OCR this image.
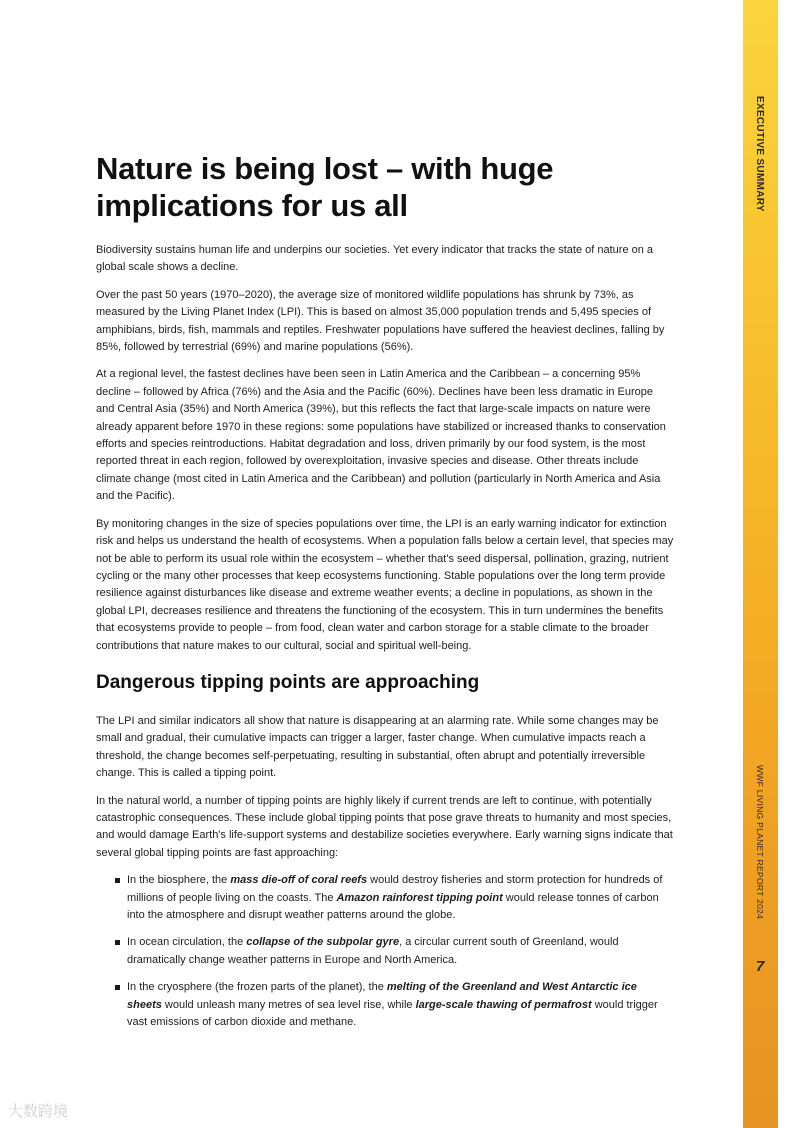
EXECUTIVE SUMMARY
WWF LIVING PLANET REPORT 2024
7
Nature is being lost – with huge implications for us all

Biodiversity sustains human life and underpins our societies. Yet every indicator that tracks the state of nature on a global scale shows a decline.

Over the past 50 years (1970–2020), the average size of monitored wildlife populations has shrunk by 73%, as measured by the Living Planet Index (LPI). This is based on almost 35,000 population trends and 5,495 species of amphibians, birds, fish, mammals and reptiles. Freshwater populations have suffered the heaviest declines, falling by 85%, followed by terrestrial (69%) and marine populations (56%).

At a regional level, the fastest declines have been seen in Latin America and the Caribbean – a concerning 95% decline – followed by Africa (76%) and the Asia and the Pacific (60%). Declines have been less dramatic in Europe and Central Asia (35%) and North America (39%), but this reflects the fact that large-scale impacts on nature were already apparent before 1970 in these regions: some populations have stabilized or increased thanks to conservation efforts and species reintroductions. Habitat degradation and loss, driven primarily by our food system, is the most reported threat in each region, followed by overexploitation, invasive species and disease. Other threats include climate change (most cited in Latin America and the Caribbean) and pollution (particularly in North America and Asia and the Pacific).

By monitoring changes in the size of species populations over time, the LPI is an early warning indicator for extinction risk and helps us understand the health of ecosystems. When a population falls below a certain level, that species may not be able to perform its usual role within the ecosystem – whether that's seed dispersal, pollination, grazing, nutrient cycling or the many other processes that keep ecosystems functioning. Stable populations over the long term provide resilience against disturbances like disease and extreme weather events; a decline in populations, as shown in the global LPI, decreases resilience and threatens the functioning of the ecosystem. This in turn undermines the benefits that ecosystems provide to people – from food, clean water and carbon storage for a stable climate to the broader contributions that nature makes to our cultural, social and spiritual well-being.

Dangerous tipping points are approaching

The LPI and similar indicators all show that nature is disappearing at an alarming rate. While some changes may be small and gradual, their cumulative impacts can trigger a larger, faster change. When cumulative impacts reach a threshold, the change becomes self-perpetuating, resulting in substantial, often abrupt and potentially irreversible change. This is called a tipping point.

In the natural world, a number of tipping points are highly likely if current trends are left to continue, with potentially catastrophic consequences. These include global tipping points that pose grave threats to humanity and most species, and would damage Earth's life-support systems and destabilize societies everywhere. Early warning signs indicate that several global tipping points are fast approaching:

In the biosphere, the mass die-off of coral reefs would destroy fisheries and storm protection for hundreds of millions of people living on the coasts. The Amazon rainforest tipping point would release tonnes of carbon into the atmosphere and disrupt weather patterns around the globe.
In ocean circulation, the collapse of the subpolar gyre, a circular current south of Greenland, would dramatically change weather patterns in Europe and North America.
In the cryosphere (the frozen parts of the planet), the melting of the Greenland and West Antarctic ice sheets would unleash many metres of sea level rise, while large-scale thawing of permafrost would trigger vast emissions of carbon dioxide and methane.
大数跨境
